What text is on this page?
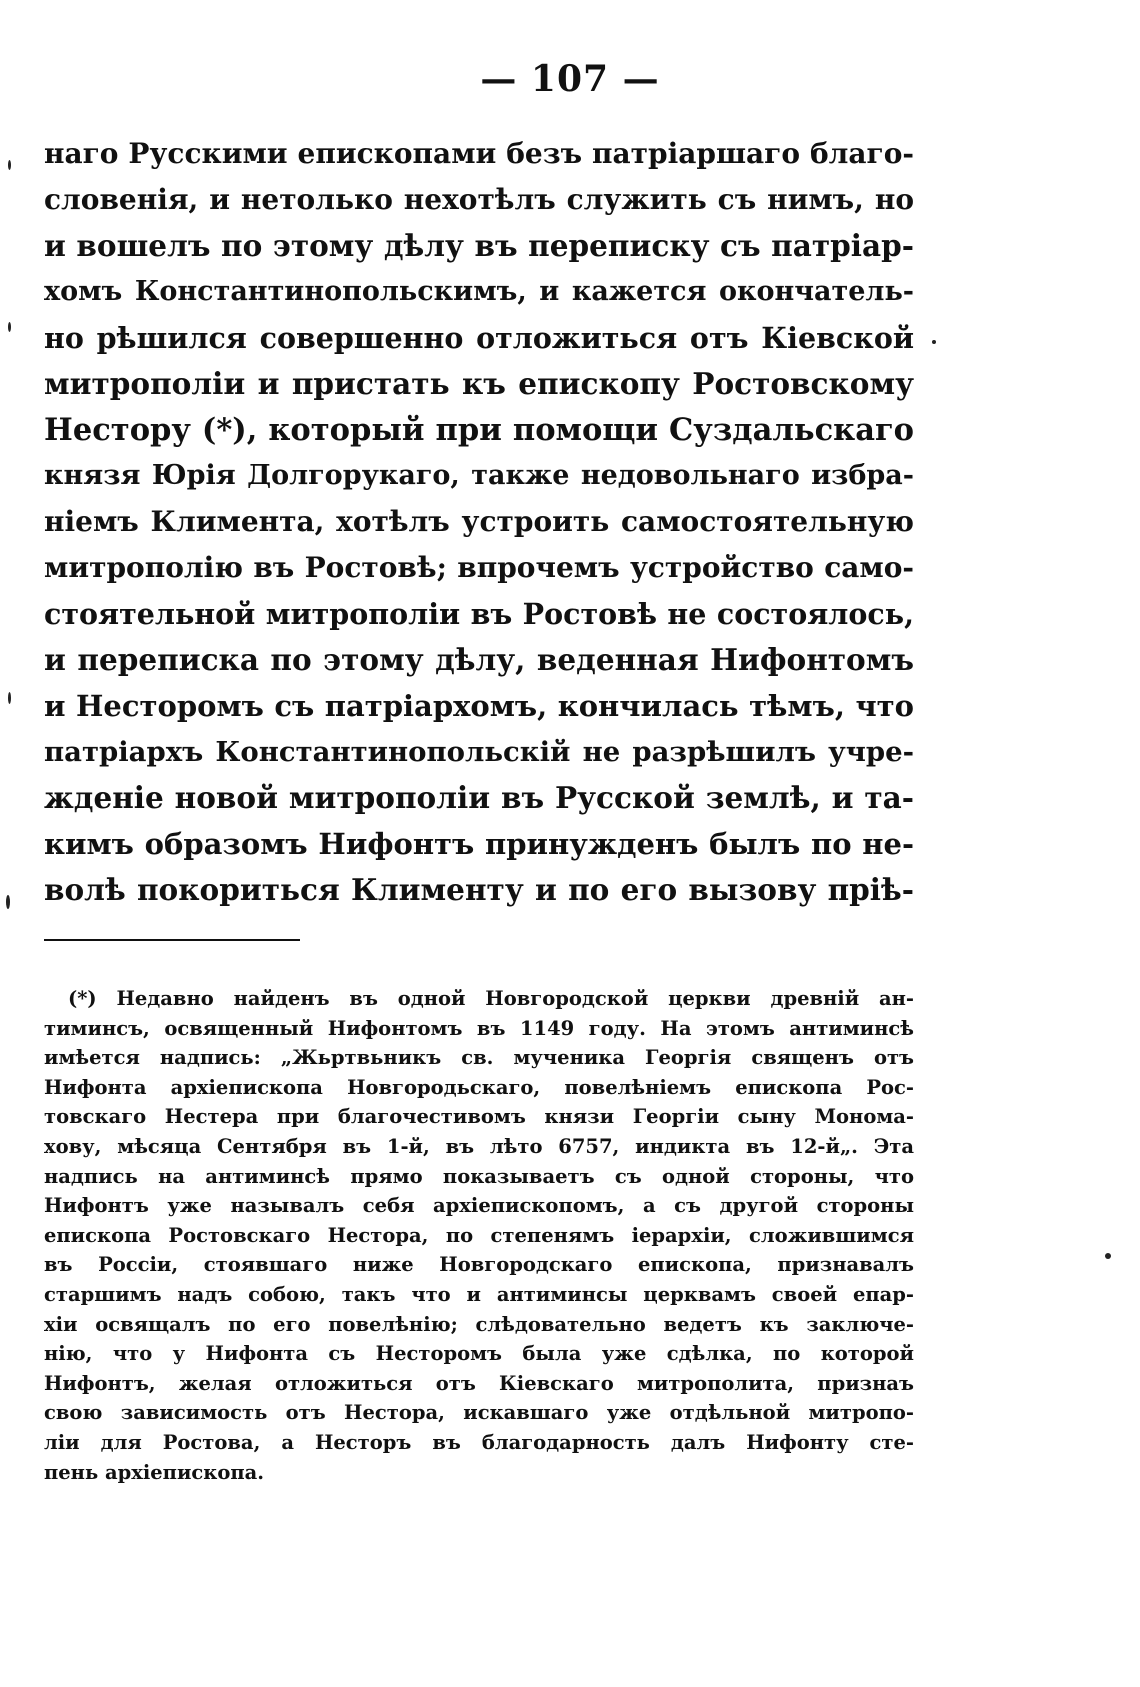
— 107 —
наго Русскими епископами безъ патріаршаго благо-
словенія, и нетолько нехотѣлъ служить съ нимъ, но
и вошелъ по этому дѣлу въ переписку съ патріар-
хомъ Константинопольскимъ, и кажется окончатель-
но рѣшился совершенно отложиться отъ Кіевской
митрополіи и пристать къ епископу Ростовскому
Нестору (*), который при помощи Суздальскаго
князя Юрія Долгорукаго, также недовольнаго избра-
ніемъ Климента, хотѣлъ устроить самостоятельную
митрополію въ Ростовѣ; впрочемъ устройство само-
стоятельной митрополіи въ Ростовѣ не состоялось,
и переписка по этому дѣлу, веденная Нифонтомъ
и Несторомъ съ патріархомъ, кончилась тѣмъ, что
патріархъ Константинопольскій не разрѣшилъ учре-
жденіе новой митрополіи въ Русской землѣ, и та-
кимъ образомъ Нифонтъ принужденъ былъ по не-
волѣ покориться Клименту и по его вызову пріѣ-
(*) Недавно найденъ въ одной Новгородской церкви древній ан-
тиминсъ, освященный Нифонтомъ въ 1149 году. На этомъ антиминсѣ
имѣется надпись: „Жьртвьникъ св. мученика Георгія священъ отъ
Нифонта архіепископа Новгородьскаго, повелѣніемъ епископа Рос-
товскаго Нестера при благочестивомъ князи Георгіи сыну Монома-
хову, мѣсяца Сентября въ 1-й, въ лѣто 6757, индикта въ 12-й„. Эта
надпись на антиминсѣ прямо показываетъ съ одной стороны, что
Нифонтъ уже называлъ себя архіепископомъ, а съ другой стороны
епископа Ростовскаго Нестора, по степенямъ іерархіи, сложившимся
въ Россіи, стоявшаго ниже Новгородскаго епископа, признавалъ
старшимъ надъ собою, такъ что и антиминсы церквамъ своей епар-
хіи освящалъ по его повелѣнію; слѣдовательно ведетъ къ заключе-
нію, что у Нифонта съ Несторомъ была уже сдѣлка, по которой
Нифонтъ, желая отложиться отъ Кіевскаго митрополита, признаъ
свою зависимость отъ Нестора, искавшаго уже отдѣльной митропо-
ліи для Ростова, а Несторъ въ благодарность далъ Нифонту сте-
пень архіепископа.
